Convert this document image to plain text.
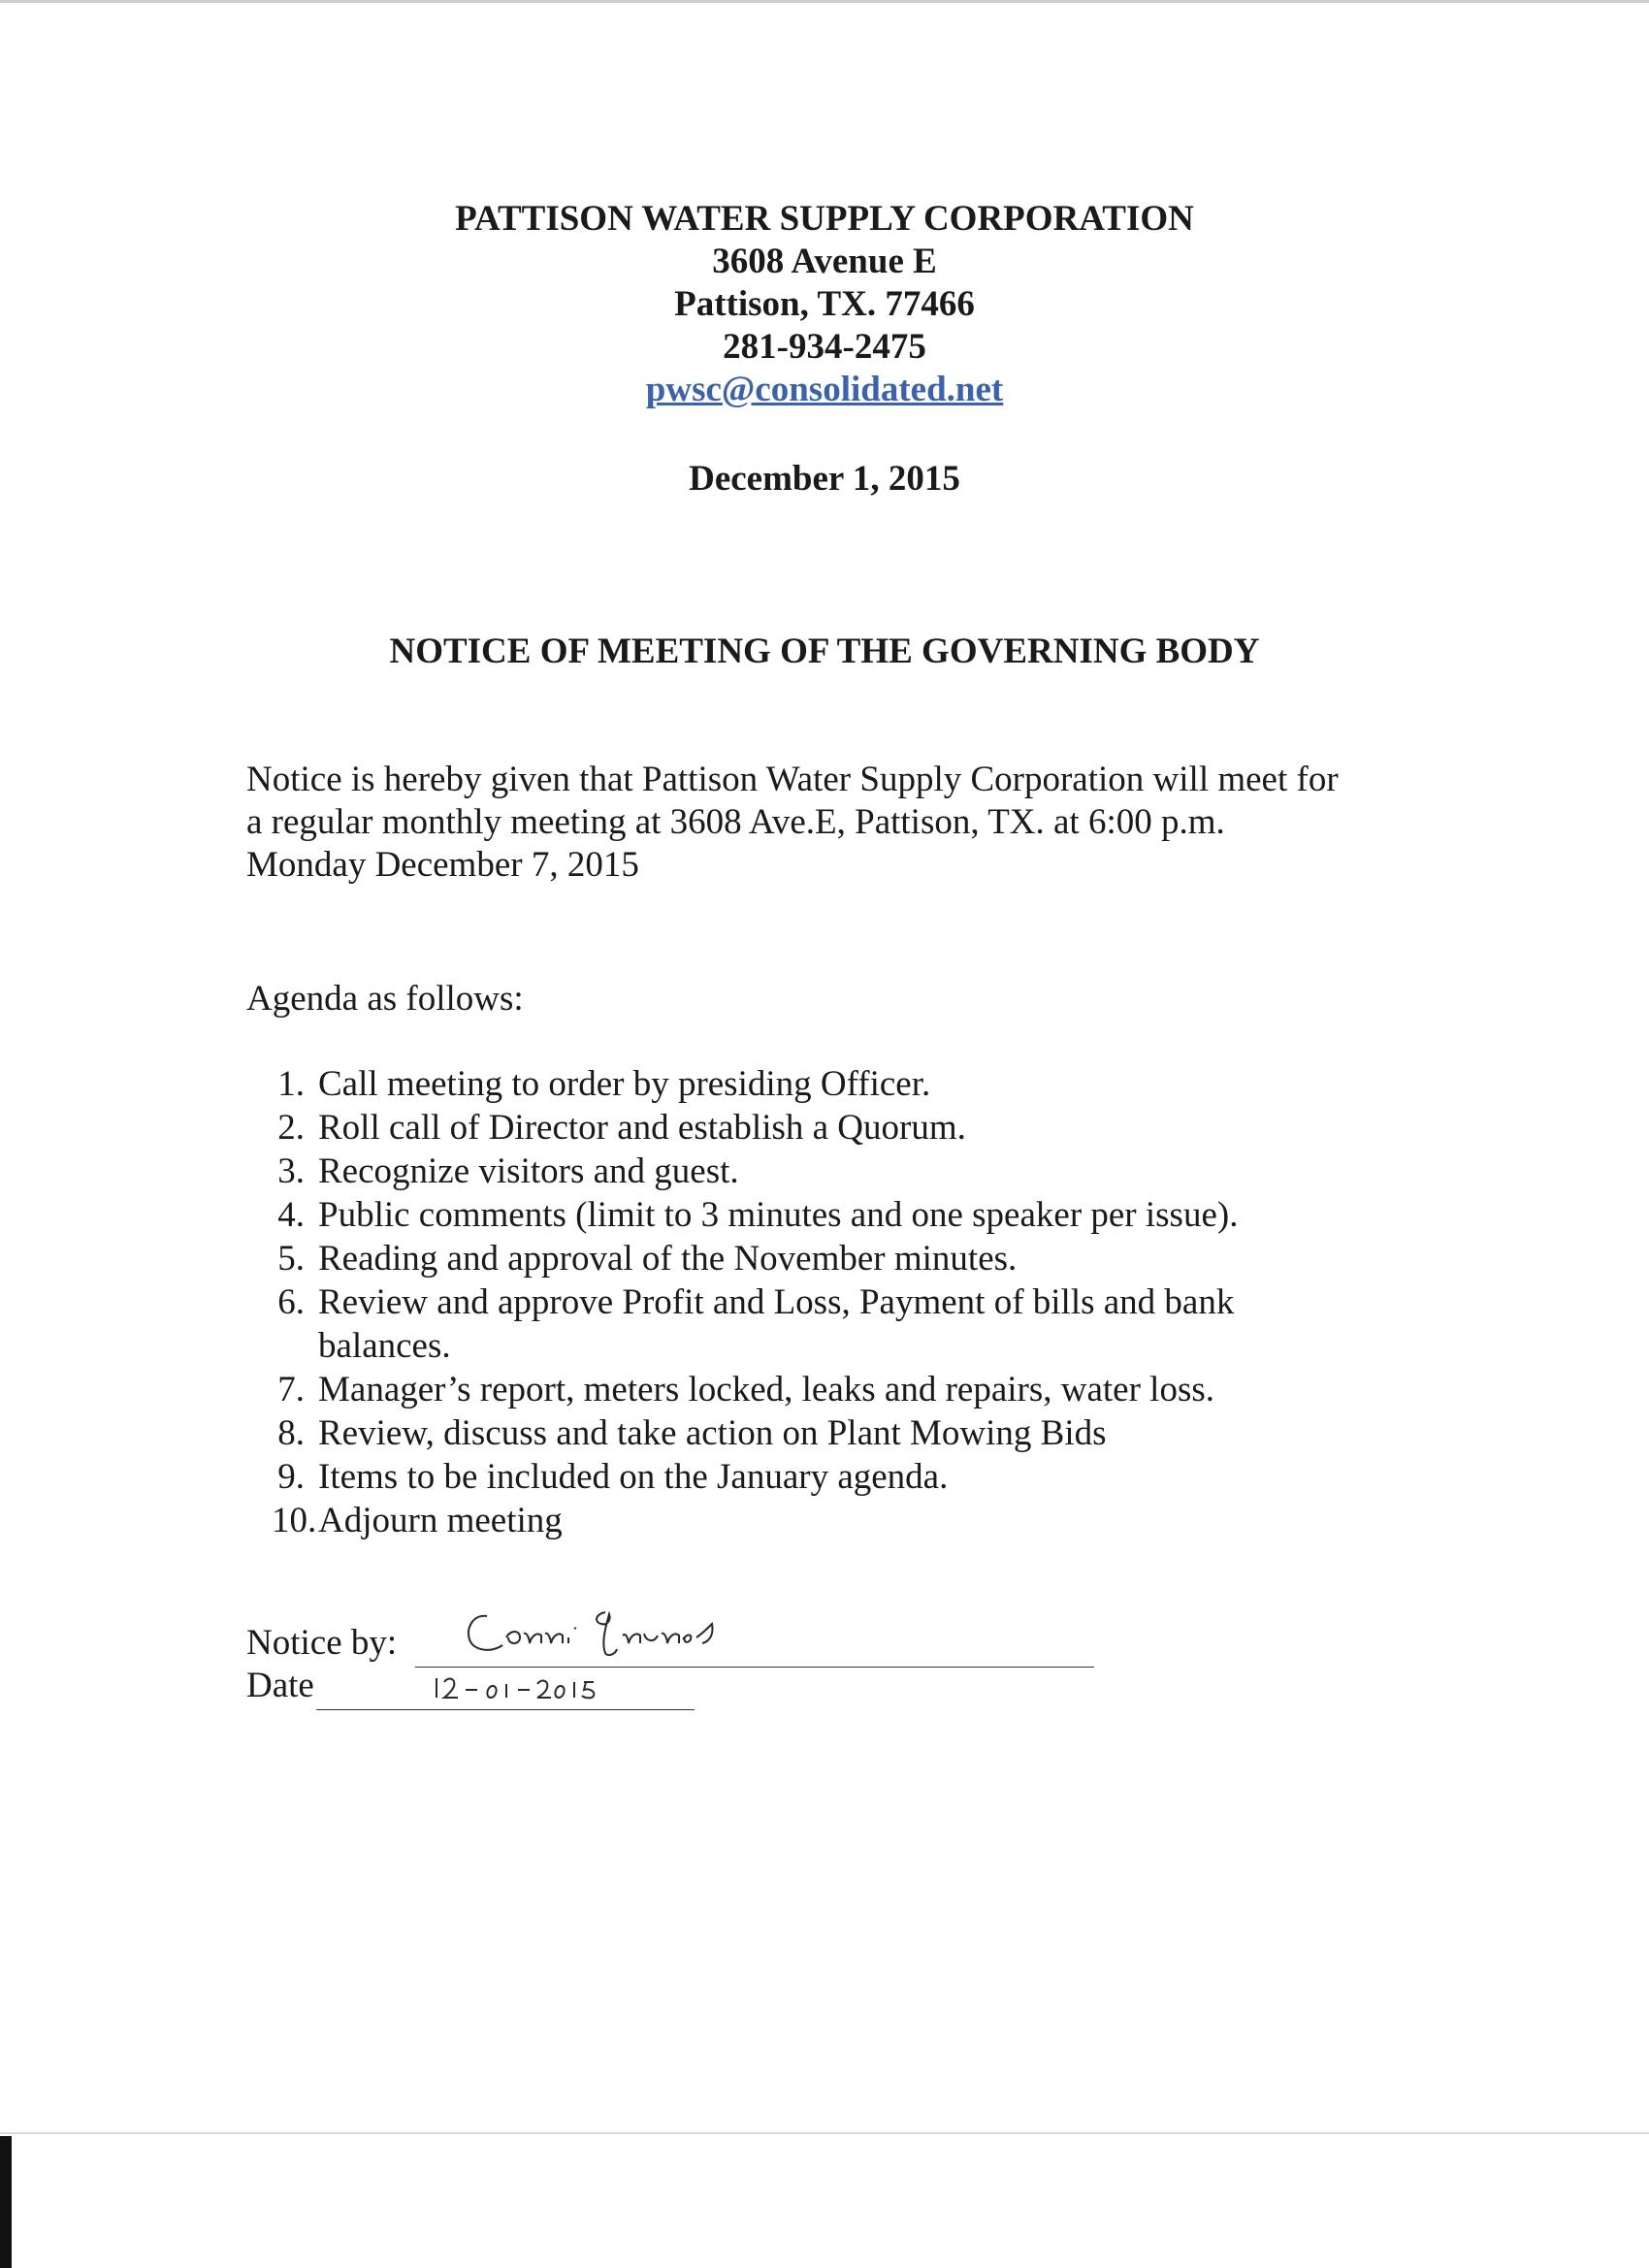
PATTISON WATER SUPPLY CORPORATION
3608 Avenue E
Pattison, TX. 77466
281-934-2475
pwsc@consolidated.net
December 1, 2015
NOTICE OF MEETING OF THE GOVERNING BODY
Notice is hereby given that Pattison Water Supply Corporation will meet for
a regular monthly meeting at 3608 Ave.E, Pattison, TX. at 6:00 p.m.
Monday December 7, 2015
Agenda as follows:
1. Call meeting to order by presiding Officer.
2. Roll call of Director and establish a Quorum.
3. Recognize visitors and guest.
4. Public comments (limit to 3 minutes and one speaker per issue).
5. Reading and approval of the November minutes.
6. Review and approve Profit and Loss, Payment of bills and bank
balances.
7. Manager’s report, meters locked, leaks and repairs, water loss.
8. Review, discuss and take action on Plant Mowing Bids
9. Items to be included on the January agenda.
10. Adjourn meeting
Notice by:
Date
